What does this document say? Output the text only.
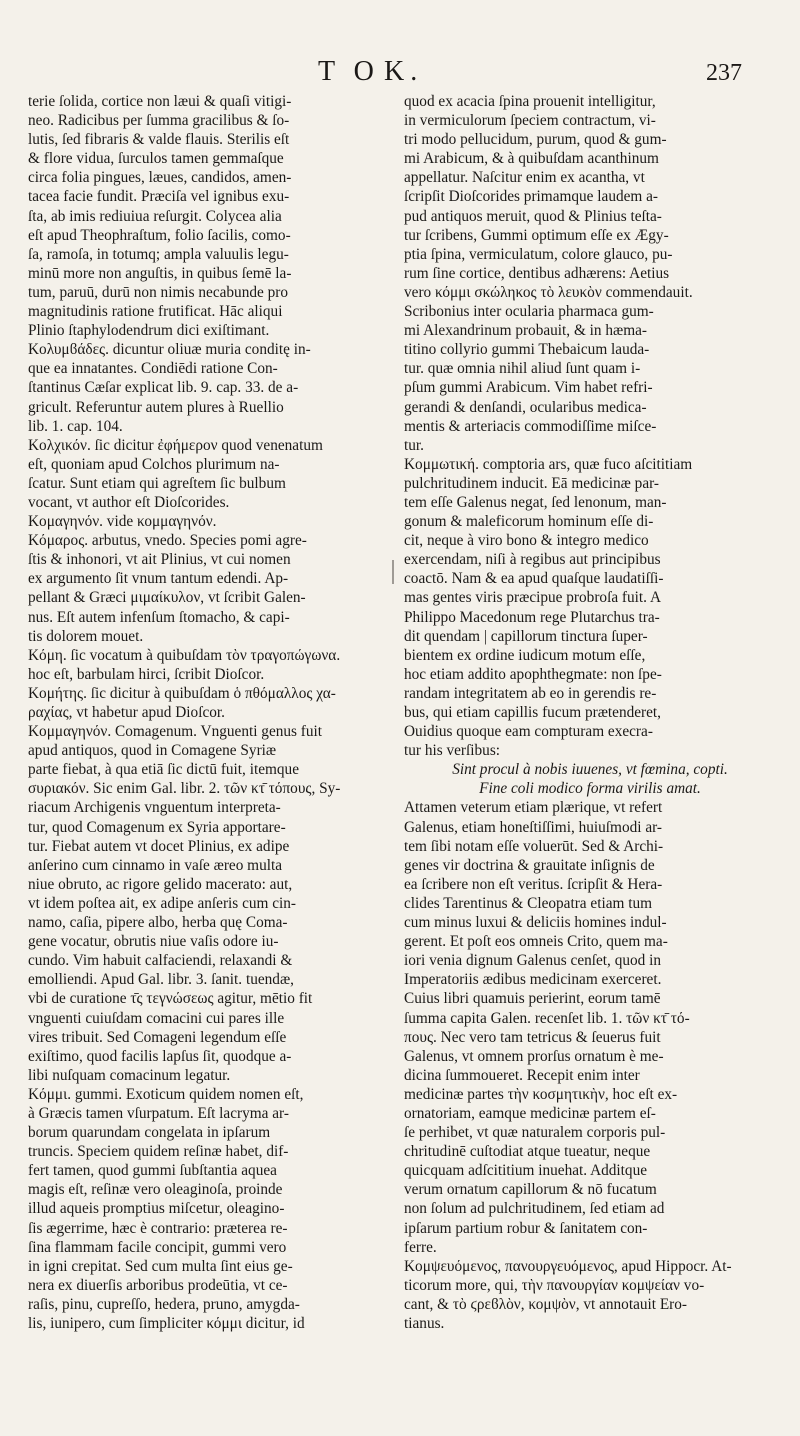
T O K.	237
terie ſolida, cortice non læui & quaſi vitigi-
neo. Radicibus per ſumma gracilibus & ſo-
lutis, ſed fibraris & valde flauis. Sterilis eſt
& flore vidua, ſurculos tamen gemmaſque
circa folia pingues, læues, candidos, amen-
tacea facie fundit. Præciſa vel ignibus exu-
ſta, ab imis rediuiua reſurgit. Colycea alia
eſt apud Theophraſtum, folio ſacilis, como-
ſa, ramoſa, in totumq; ampla valuulis legu-
minū more non anguſtis, in quibus ſemē la-
tum, paruū, durū non nimis necabunde pro
magnitudinis ratione frutificat. Hāc aliqui
Plinio ſtaphylodendrum dici exiſtimant.
Κολυμϐάδες. dicuntur oliuæ muria conditę in-
que ea innatantes. Condiēdi ratione Con-
ſtantinus Cæſar explicat lib. 9. cap. 33. de a-
gricult. Referuntur autem plures à Ruellio
lib. 1. cap. 104.
Κολχικόν. ſic dicitur ἐφήμερον quod venenatum
eſt, quoniam apud Colchos plurimum na-
ſcatur. Sunt etiam qui agreſtem ſic bulbum
vocant, vt author eſt Dioſcorides.
Κομαγηνόν. vide κομμαγηνόν.
Κόμαρος. arbutus, vnedo. Species pomi agre-
ſtis & inhonori, vt ait Plinius, vt cui nomen
ex argumento ſit vnum tantum edendi. Ap-
pellant & Græci μιμαίκυλον, vt ſcribit Galen-
nus. Eſt autem infenſum ſtomacho, & capi-
tis dolorem mouet.
Κόμη. ſic vocatum à quibuſdam τὸν τραγοπώγωνα.
hoc eſt, barbulam hirci, ſcribit Dioſcor.
Κομήτης. ſic dicitur à quibuſdam ὁ πθόμαλλος χα-
ραχίας, vt habetur apud Dioſcor.
Κομμαγηνόν. Comagenum. Vnguenti genus fuit
apud antiquos, quod in Comagene Syriæ
parte fiebat, à qua etiā ſic dictū fuit, itemque
συριακόν. Sic enim Gal. libr. 2. τῶν κτ̄ τόπους, Sy-
riacum Archigenis vnguentum interpreta-
tur, quod Comagenum ex Syria apportare-
tur. Fiebat autem vt docet Plinius, ex adipe
anſerino cum cinnamo in vaſe æreo multa
niue obruto, ac rigore gelido macerato: aut,
vt idem poſtea ait, ex adipe anſeris cum cin-
namo, caſia, pipere albo, herba quę Coma-
gene vocatur, obrutis niue vaſis odore iu-
cundo. Vim habuit calfaciendi, relaxandi &
emolliendi. Apud Gal. libr. 3. ſanit. tuendæ,
vbi de curatione τ̄ς τεγνώσεως agitur, mētio fit
vnguenti cuiuſdam comacini cui pares ille
vires tribuit. Sed Comageni legendum eſſe
exiſtimo, quod facilis lapſus ſit, quodque a-
libi nuſquam comacinum legatur.
Κόμμι. gummi. Exoticum quidem nomen eſt,
à Græcis tamen vſurpatum. Eſt lacryma ar-
borum quarundam congelata in ipſarum
truncis. Speciem quidem reſinæ habet, dif-
fert tamen, quod gummi ſubſtantia aquea
magis eſt, reſinæ vero oleaginoſa, proinde
illud aqueis promptius miſcetur, oleagino-
ſis ægerrime, hæc è contrario: præterea re-
ſina flammam facile concipit, gummi vero
in igni crepitat. Sed cum multa ſint eius ge-
nera ex diuerſis arboribus prodeūtia, vt ce-
raſis, pinu, cupreſſo, hedera, pruno, amygda-
lis, iunipero, cum ſimpliciter κόμμι dicitur, id
quod ex acacia ſpina prouenit intelligitur,
in vermiculorum ſpeciem contractum, vi-
tri modo pellucidum, purum, quod & gum-
mi Arabicum, & à quibuſdam acanthinum
appellatur. Naſcitur enim ex acantha, vt
ſcripſit Dioſcorides primamque laudem a-
pud antiquos meruit, quod & Plinius teſta-
tur ſcribens, Gummi optimum eſſe ex Ægy-
ptia ſpina, vermiculatum, colore glauco, pu-
rum ſine cortice, dentibus adhærens: Aetius
vero κόμμι σκώληκος τὸ λευκὸν commendauit.
Scribonius inter ocularia pharmaca gum-
mi Alexandrinum probauit, & in hæma-
titino collyrio gummi Thebaicum lauda-
tur. quæ omnia nihil aliud ſunt quam i-
pſum gummi Arabicum. Vim habet refri-
gerandi & denſandi, ocularibus medica-
mentis & arteriacis commodiſſime miſce-
tur.
Κομμωτική. comptoria ars, quæ fuco aſcititiam
pulchritudinem inducit. Eā medicinæ par-
tem eſſe Galenus negat, ſed lenonum, man-
gonum & maleficorum hominum eſſe di-
cit, neque à viro bono & integro medico
exercendam, niſi à regibus aut principibus
coactō. Nam & ea apud quaſque laudatiſſi-
mas gentes viris præcipue probroſa fuit. A
Philippo Macedonum rege Plutarchus tra-
dit quendam | capillorum tinctura ſuper-
bientem ex ordine iudicum motum eſſe,
hoc etiam addito apophthegmate: non ſpe-
randam integritatem ab eo in gerendis re-
bus, qui etiam capillis fucum prætenderet,
Ouidius quoque eam compturam execra-
tur his verſibus:
Sint procul à nobis iuuenes, vt fœmina, copti.
Fine coli modico forma virilis amat.
Attamen veterum etiam plærique, vt refert
Galenus, etiam honeſtiſſimi, huiuſmodi ar-
tem ſibi notam eſſe voluerūt. Sed & Archi-
genes vir doctrina & grauitate inſignis de
ea ſcribere non eſt veritus. ſcripſit & Hera-
clides Tarentinus & Cleopatra etiam tum
cum minus luxui & deliciis homines indul-
gerent. Et poſt eos omneis Crito, quem ma-
iori venia dignum Galenus cenſet, quod in
Imperatoriis ædibus medicinam exerceret.
Cuius libri quamuis perierint, eorum tamē
ſumma capita Galen. recenſet lib. 1. τῶν κτ̄ τό-
πους. Nec vero tam tetricus & ſeuerus fuit
Galenus, vt omnem prorſus ornatum è me-
dicina ſummoueret. Recepit enim inter
medicinæ partes τὴν κοσμητικὴν, hoc eſt ex-
ornatoriam, eamque medicinæ partem eſ-
ſe perhibet, vt quæ naturalem corporis pul-
chritudinē cuſtodiat atque tueatur, neque
quicquam adſcititium inuehat. Additque
verum ornatum capillorum & nō fucatum
non ſolum ad pulchritudinem, ſed etiam ad
ipſarum partium robur & ſanitatem con-
ferre.
Κομψευόμενος, πανουργευόμενος, apud Hippocr. At-
ticorum more, qui, τὴν πανουργίαν κομψείαν vo-
cant, & τὸ ϛρεϐλὸν, κομψὸν, vt annotauit Ero-
tianus.
